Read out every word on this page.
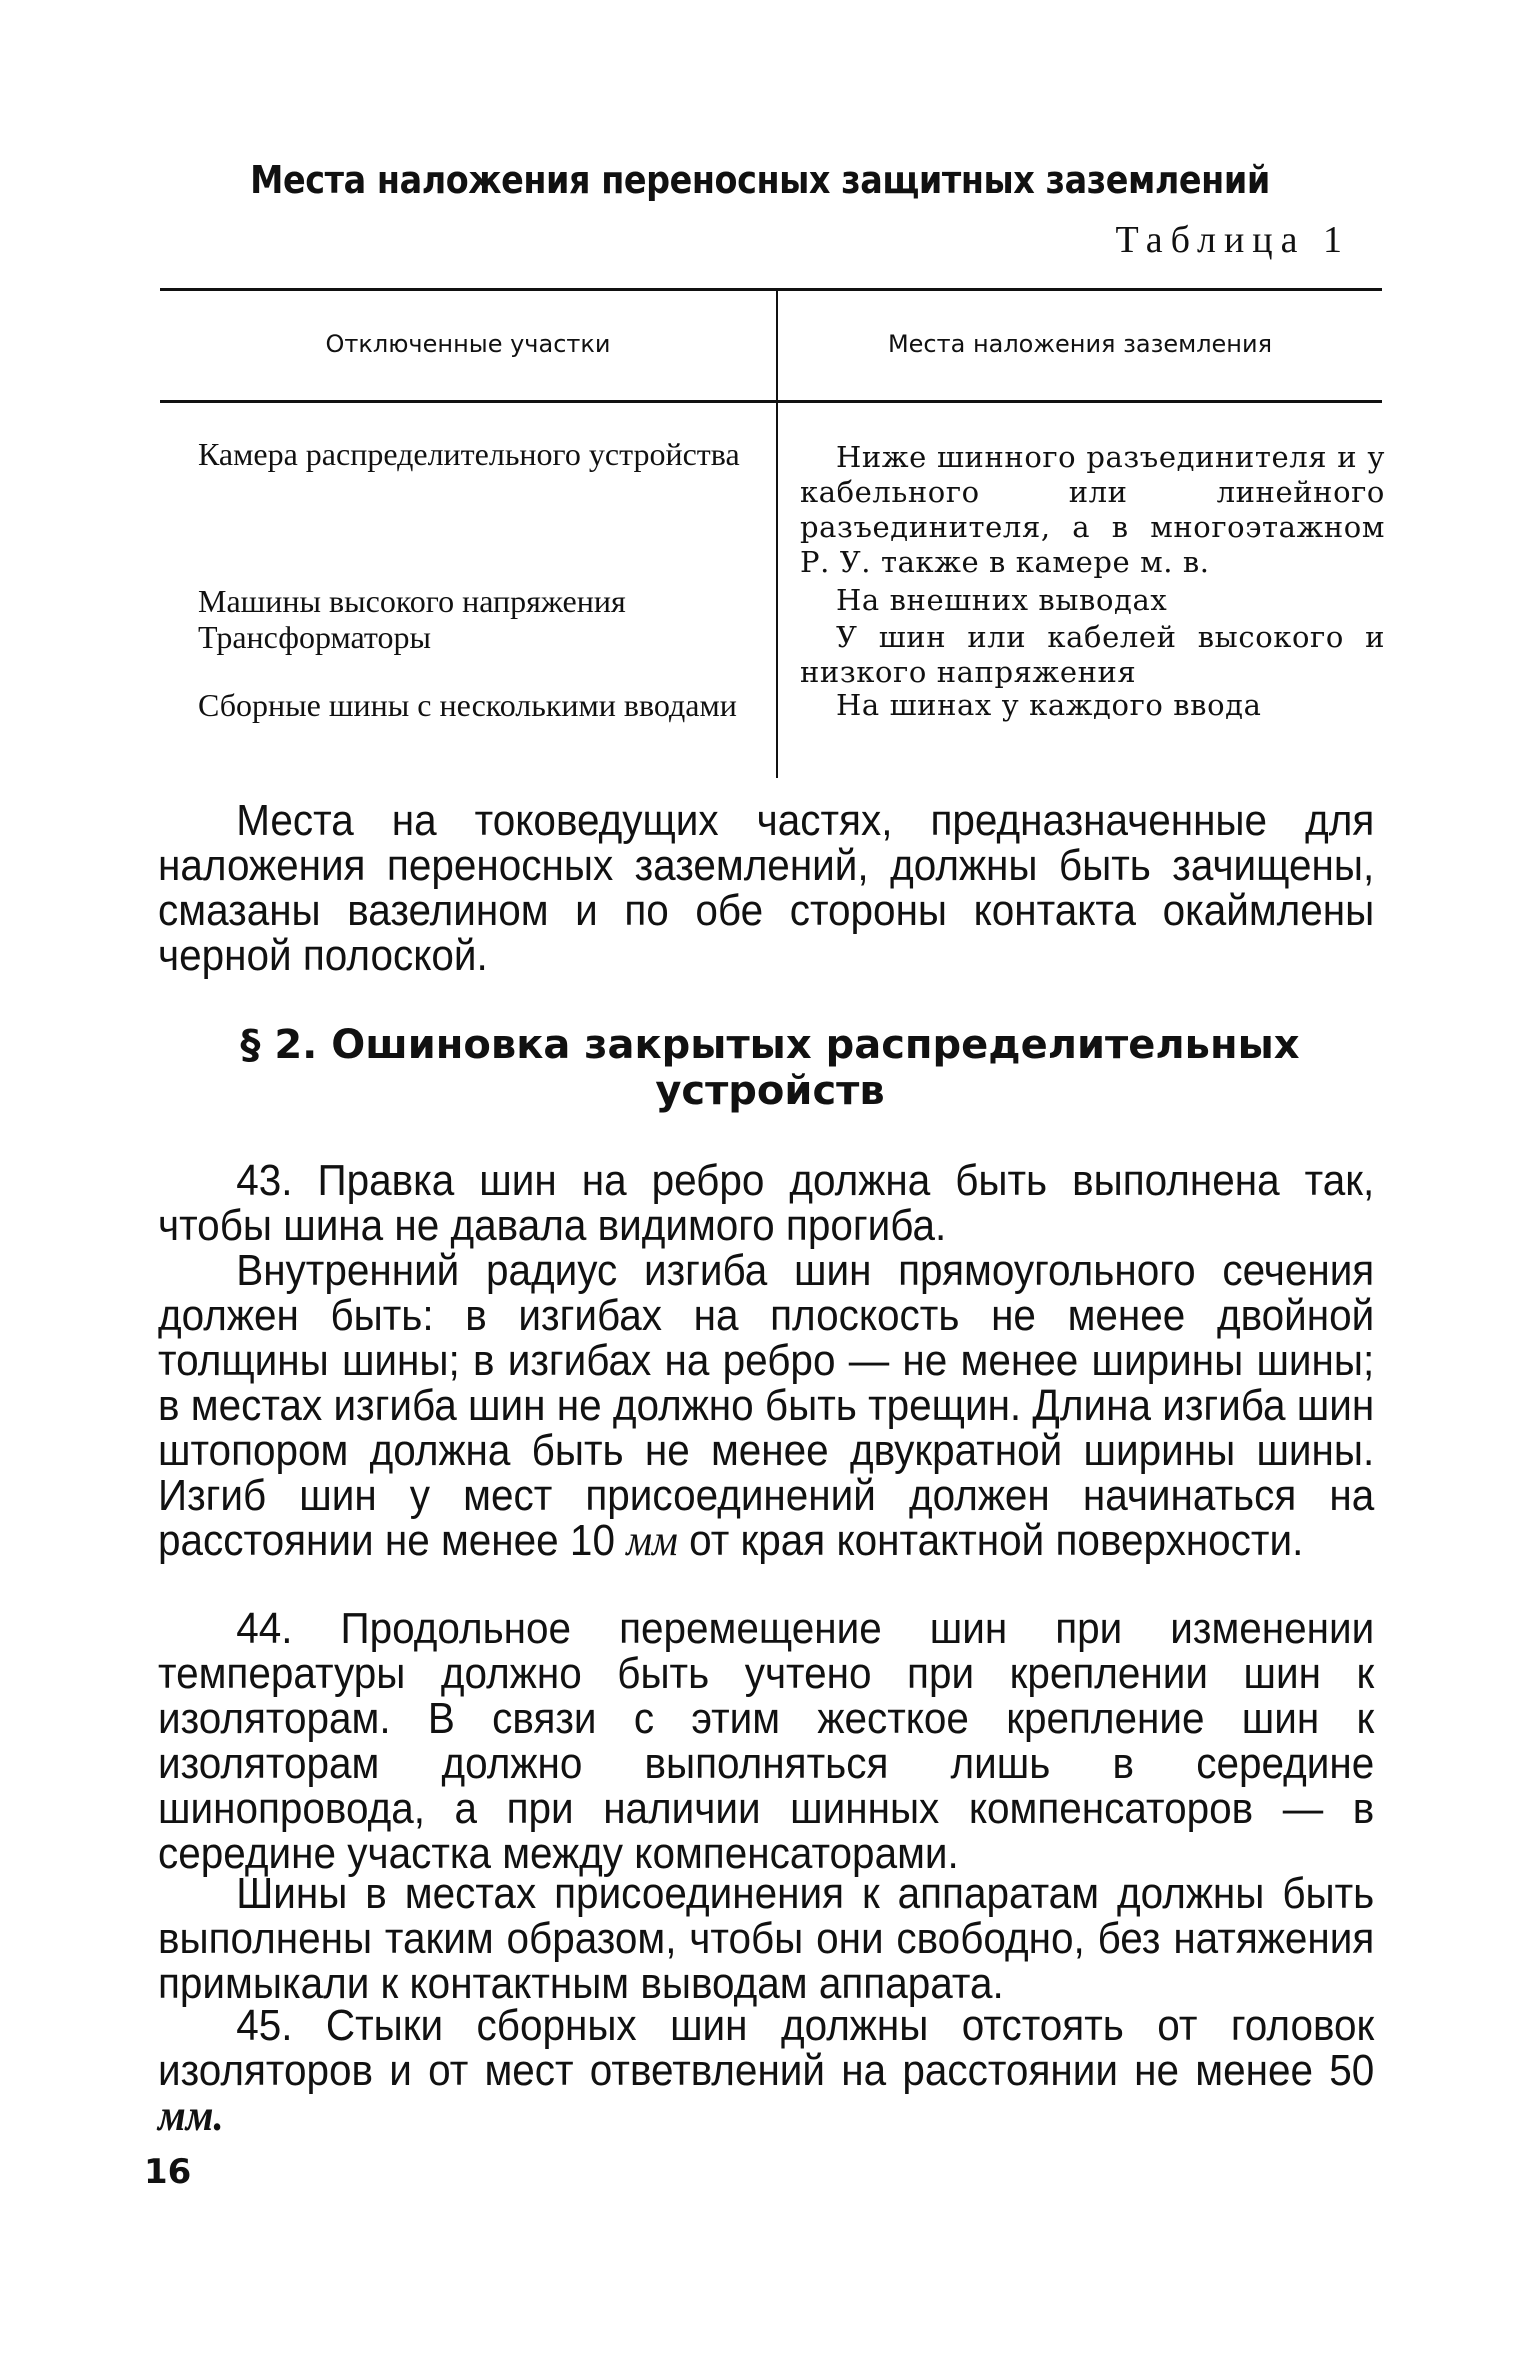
Места наложения переносных защитных заземлений
Таблица 1
Отключенные участки	Места наложения заземления
Камера распределительного устройства	Ниже шинного разъединителя и у кабельного или линейного разъединителя, а в многоэтажном Р. У. также в камере м. в.
Машины высокого напряжения	На внешних выводах
Трансформаторы	У шин или кабелей высокого и низкого напряжения
Сборные шины с несколькими вводами	На шинах у каждого ввода
Места на токоведущих частях, предназначенные для наложения переносных заземлений, должны быть зачищены, смазаны вазелином и по обе стороны контакта окаймлены черной полоской.
§ 2. Ошиновка закрытых распределительных устройств
43. Правка шин на ребро должна быть выполнена так, чтобы шина не давала видимого прогиба.
Внутренний радиус изгиба шин прямоугольного сечения должен быть: в изгибах на плоскость не менее двойной толщины шины; в изгибах на ребро — не менее ширины шины; в местах изгиба шин не должно быть трещин. Длина изгиба шин штопором должна быть не менее двукратной ширины шины. Изгиб шин у мест присоединений должен начинаться на расстоянии не менее 10 мм от края контактной поверхности.
44. Продольное перемещение шин при изменении температуры должно быть учтено при креплении шин к изоляторам. В связи с этим жесткое крепление шин к изоляторам должно выполняться лишь в середине шинопровода, а при наличии шинных компенсаторов — в середине участка между компенсаторами.
Шины в местах присоединения к аппаратам должны быть выполнены таким образом, чтобы они свободно, без натяжения примыкали к контактным выводам аппарата.
45. Стыки сборных шин должны отстоять от головок изоляторов и от мест ответвлений на расстоянии не менее 50 мм.
16
